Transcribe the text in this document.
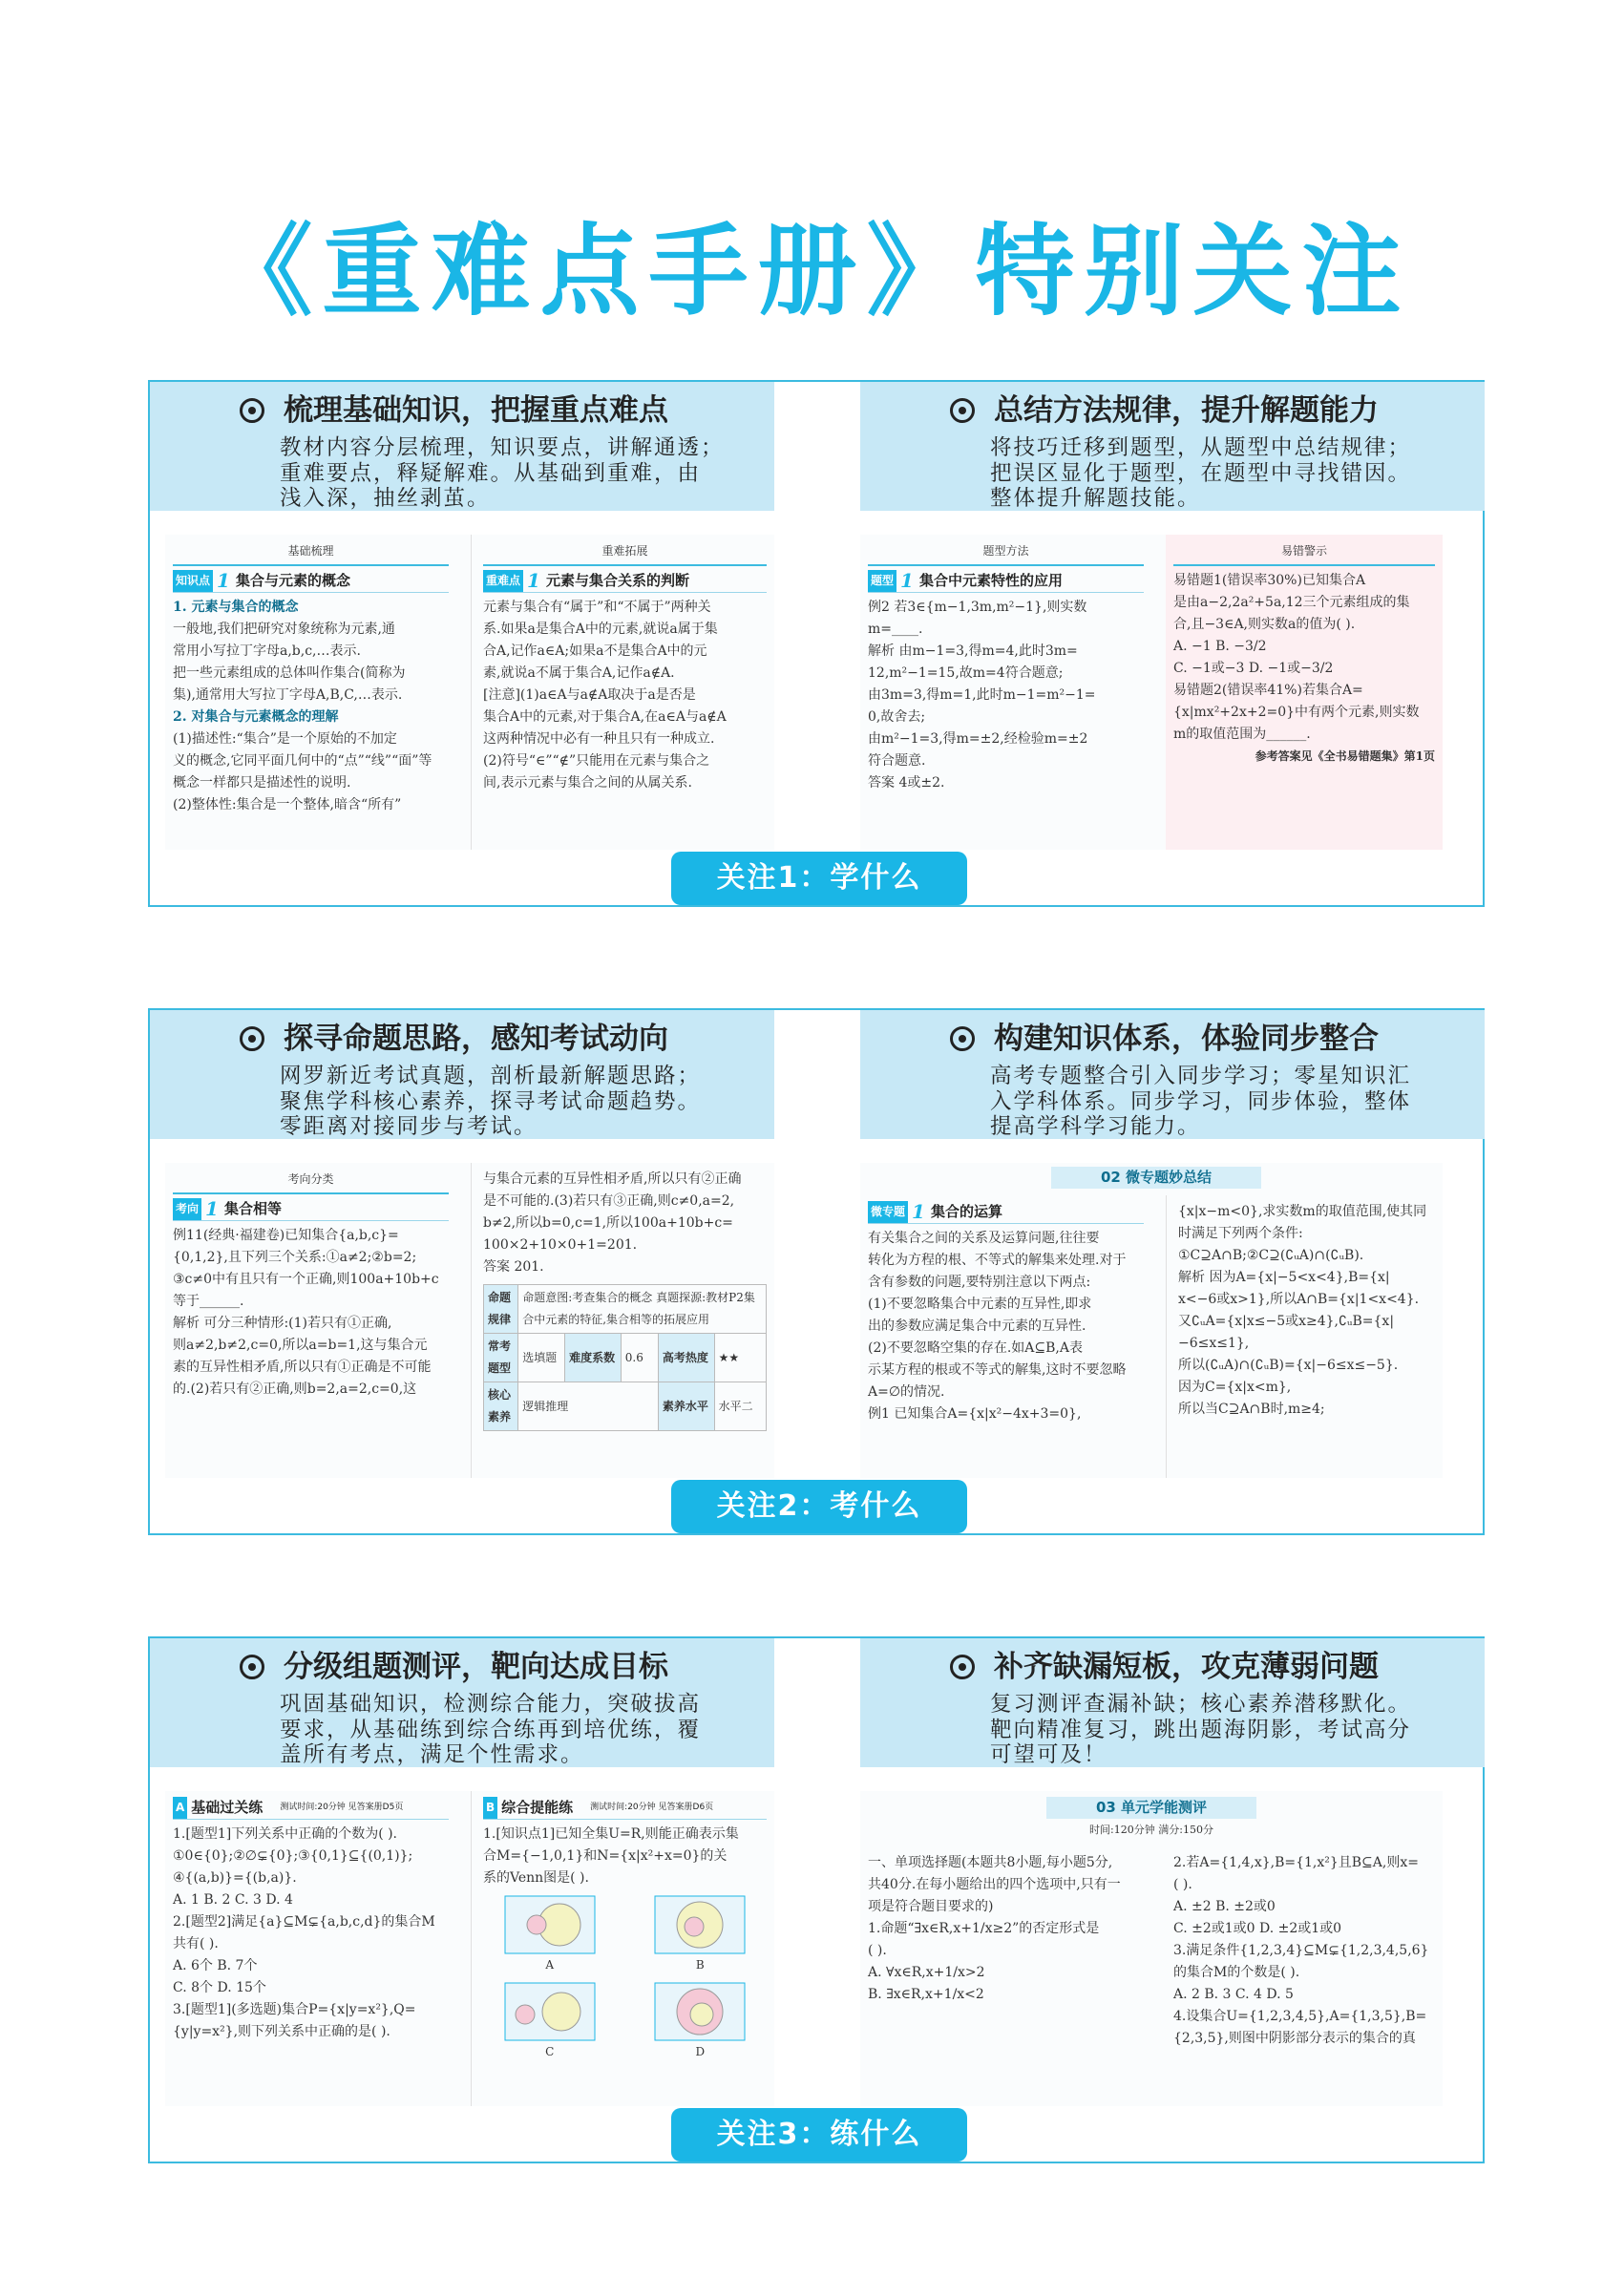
《重难点手册》特别关注
梳理基础知识，把握重点难点
教材内容分层梳理，知识要点，讲解通透；
重难要点，释疑解难。从基础到重难，由
浅入深，抽丝剥茧。
基础梳理
知识点 1 集合与元素的概念
1. 元素与集合的概念
一般地,我们把研究对象统称为元素,通
常用小写拉丁字母a,b,c,…表示.
把一些元素组成的总体叫作集合(简称为
集),通常用大写拉丁字母A,B,C,…表示.
2. 对集合与元素概念的理解
(1)描述性:“集合”是一个原始的不加定
义的概念,它同平面几何中的“点”“线”“面”等
概念一样都只是描述性的说明.
(2)整体性:集合是一个整体,暗含“所有”
重难拓展
重难点 1 元素与集合关系的判断
元素与集合有“属于”和“不属于”两种关
系.如果a是集合A中的元素,就说a属于集
合A,记作a∈A;如果a不是集合A中的元
素,就说a不属于集合A,记作a∉A.
[注意](1)a∈A与a∉A取决于a是否是
集合A中的元素,对于集合A,在a∈A与a∉A
这两种情况中必有一种且只有一种成立.
(2)符号“∈”“∉”只能用在元素与集合之
间,表示元素与集合之间的从属关系.
总结方法规律，提升解题能力
将技巧迁移到题型，从题型中总结规律；
把误区显化于题型，在题型中寻找错因。
整体提升解题技能。
题型方法
题型 1 集合中元素特性的应用
例2 若3∈{m−1,3m,m²−1},则实数
m=____.
解析 由m−1=3,得m=4,此时3m=
12,m²−1=15,故m=4符合题意;
由3m=3,得m=1,此时m−1=m²−1=
0,故舍去;
由m²−1=3,得m=±2,经检验m=±2
符合题意.
答案 4或±2.
易错警示
易错题1(错误率30%)已知集合A
是由a−2,2a²+5a,12三个元素组成的集
合,且−3∈A,则实数a的值为( ).
A. −1 B. −3/2
C. −1或−3 D. −1或−3/2
易错题2(错误率41%)若集合A=
{x|mx²+2x+2=0}中有两个元素,则实数
m的取值范围为______.
参考答案见《全书易错题集》第1页
关注1：学什么
探寻命题思路，感知考试动向
网罗新近考试真题，剖析最新解题思路；
聚焦学科核心素养，探寻考试命题趋势。
零距离对接同步与考试。
考向分类
考向 1 集合相等
例11(经典·福建卷)已知集合{a,b,c}=
{0,1,2},且下列三个关系:①a≠2;②b=2;
③c≠0中有且只有一个正确,则100a+10b+c
等于______.
解析 可分三种情形:(1)若只有①正确,
则a≠2,b≠2,c=0,所以a=b=1,这与集合元
素的互异性相矛盾,所以只有①正确是不可能
的.(2)若只有②正确,则b=2,a=2,c=0,这
与集合元素的互异性相矛盾,所以只有②正确
是不可能的.(3)若只有③正确,则c≠0,a=2,
b≠2,所以b=0,c=1,所以100a+10b+c=
100×2+10×0+1=201.
答案 201.
命题规律	命题意图:考查集合的概念 真题探源:教材P2集合中元素的特征,集合相等的拓展应用				
常考题型	选填题	难度系数	0.6	高考热度	★★
核心素养	逻辑推理			素养水平	水平二
构建知识体系，体验同步整合
高考专题整合引入同步学习；零星知识汇
入学科体系。同步学习，同步体验，整体
提高学科学习能力。
02 微专题妙总结
微专题 1 集合的运算
有关集合之间的关系及运算问题,往往要
转化为方程的根、不等式的解集来处理.对于
含有参数的问题,要特别注意以下两点:
(1)不要忽略集合中元素的互异性,即求
出的参数应满足集合中元素的互异性.
(2)不要忽略空集的存在.如A⊆B,A表
示某方程的根或不等式的解集,这时不要忽略
A=∅的情况.
例1 已知集合A={x|x²−4x+3=0},
{x|x−m<0},求实数m的取值范围,使其同
时满足下列两个条件:
①C⊇A∩B;②C⊇(∁ᵤA)∩(∁ᵤB).
解析 因为A={x|−5<x<4},B={x|
x<−6或x>1},所以A∩B={x|1<x<4}.
又∁ᵤA={x|x≤−5或x≥4},∁ᵤB={x|
−6≤x≤1},
所以(∁ᵤA)∩(∁ᵤB)={x|−6≤x≤−5}.
因为C={x|x<m},
所以当C⊇A∩B时,m≥4;
关注2：考什么
分级组题测评，靶向达成目标
巩固基础知识，检测综合能力，突破拔高
要求，从基础练到综合练再到培优练，覆
盖所有考点，满足个性需求。
A 基础过关练 测试时间:20分钟 见答案册D5页
1.[题型1]下列关系中正确的个数为( ).
①0∈{0};②∅⊊{0};③{0,1}⊆{(0,1)};
④{(a,b)}={(b,a)}.
A. 1 B. 2 C. 3 D. 4
2.[题型2]满足{a}⊆M⊊{a,b,c,d}的集合M
共有( ).
A. 6个 B. 7个
C. 8个 D. 15个
3.[题型1](多选题)集合P={x|y=x²},Q=
{y|y=x²},则下列关系中正确的是( ).
B 综合提能练 测试时间:20分钟 见答案册D6页
1.[知识点1]已知全集U=R,则能正确表示集
合M={−1,0,1}和N={x|x²+x=0}的关
系的Venn图是( ).
A	B
C	D
补齐缺漏短板，攻克薄弱问题
复习测评查漏补缺；核心素养潜移默化。
靶向精准复习，跳出题海阴影，考试高分
可望可及！
03 单元学能测评
时间:120分钟 满分:150分
一、单项选择题(本题共8小题,每小题5分,
共40分.在每小题给出的四个选项中,只有一
项是符合题目要求的)
1.命题“∃x∈R,x+1/x≥2”的否定形式是
( ).
A. ∀x∈R,x+1/x>2
B. ∃x∈R,x+1/x<2
2.若A={1,4,x},B={1,x²}且B⊆A,则x=
( ).
A. ±2 B. ±2或0
C. ±2或1或0 D. ±2或1或0
3.满足条件{1,2,3,4}⊆M⊊{1,2,3,4,5,6}
的集合M的个数是( ).
A. 2 B. 3 C. 4 D. 5
4.设集合U={1,2,3,4,5},A={1,3,5},B=
{2,3,5},则图中阴影部分表示的集合的真
关注3：练什么
